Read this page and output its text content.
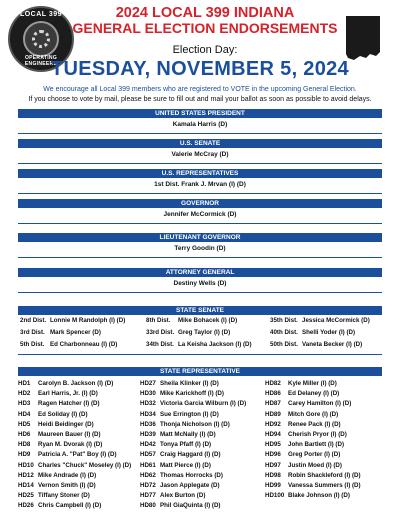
LOCAL 399
OPERATING ENGINEERS
2024 LOCAL 399 INDIANA
GENERAL ELECTION ENDORSEMENTS
Election Day:
TUESDAY, NOVEMBER 5, 2024
We encourage all Local 399 members who are registered to VOTE in the upcoming General Election.
If you choose to vote by mail, please be sure to fill out and mail your ballot as soon as possible to avoid delays.
UNITED STATES PRESIDENT
Kamala Harris (D)
U.S. SENATE
Valerie McCray (D)
U.S. REPRESENTATIVES
1st Dist. Frank J. Mrvan (I) (D)
GOVERNOR
Jennifer McCormick (D)
LIEUTENANT GOVERNOR
Terry Goodin (D)
ATTORNEY GENERAL
Destiny Wells (D)
STATE SENATE
2nd Dist. Lonnie M Randolph (I) (D)	8th Dist. Mike Bohacek (I) (D)	35th Dist. Jessica McCormick (D)
3rd Dist. Mark Spencer (D)	33rd Dist. Greg Taylor (I) (D)	40th Dist. Shelli Yoder (I) (D)
5th Dist. Ed Charbonneau (I) (D)	34th Dist. La Keisha Jackson (I) (D)	50th Dist. Vaneta Becker (I) (D)
STATE REPRESENTATIVE
HD1 Carolyn B. Jackson (I) (D)
HD2 Earl Harris, Jr. (I) (D)
HD3 Ragen Hatcher (I) (D)
HD4 Ed Soliday (I) (D)
HD5 Heidi Beidinger (D)
HD6 Maureen Bauer (I) (D)
HD8 Ryan M. Dvorak (I) (D)
HD9 Patricia A. "Pat" Boy (I) (D)
HD10 Charles "Chuck" Moseley (I) (D)
HD12 Mike Andrade (I) (D)
HD14 Vernon Smith (I) (D)
HD25 Tiffany Stoner (D)
HD26 Chris Campbell (I) (D)
HD27 Sheila Klinker (I) (D)
HD30 Mike Karickhoff (I) (D)
HD32 Victoria Garcia Wilburn (I) (D)
HD34 Sue Errington (I) (D)
HD36 Thonja Nicholson (I) (D)
HD39 Matt McNally (I) (D)
HD42 Tonya Pfaff (I) (D)
HD57 Craig Haggard (I) (D)
HD61 Matt Pierce (I) (D)
HD62 Thomas Horrocks (D)
HD72 Jason Applegate (D)
HD77 Alex Burton (D)
HD80 Phil GiaQuinta (I) (D)
HD82 Kyle Miller (I) (D)
HD86 Ed Delaney (I) (D)
HD87 Carey Hamilton (I) (D)
HD89 Mitch Gore (I) (D)
HD92 Renee Pack (I) (D)
HD94 Cherish Pryor (I) (D)
HD95 John Bartlett (I) (D)
HD96 Greg Porter (I) (D)
HD97 Justin Moed (I) (D)
HD98 Robin Shackleford (I) (D)
HD99 Vanessa Summers (I) (D)
HD100 Blake Johnson (I) (D)
